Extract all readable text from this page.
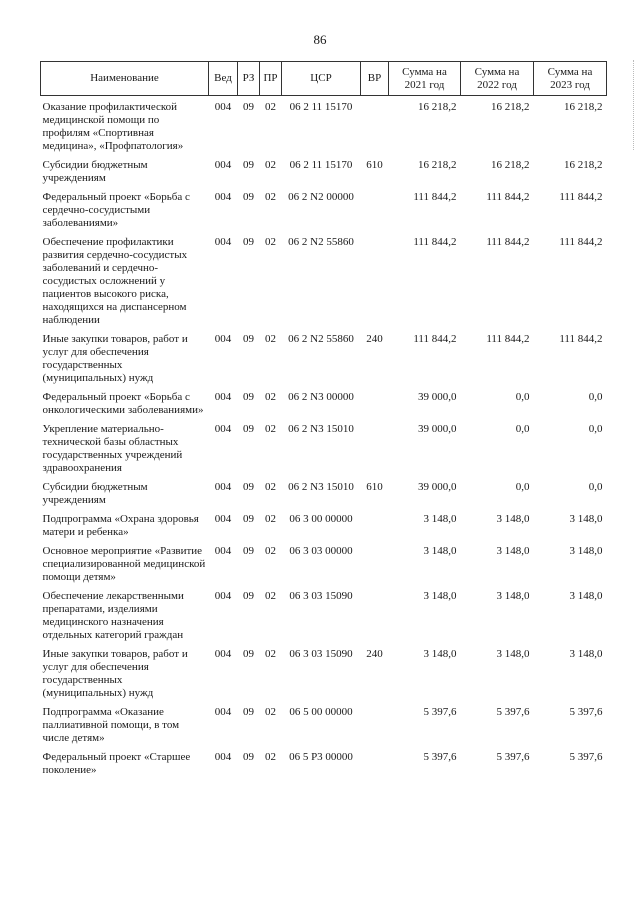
86
Наименование	Вед	РЗ	ПР	ЦСР	ВР	Сумма на 2021 год	Сумма на 2022 год	Сумма на 2023 год
Оказание профилактической медицинской помощи по профилям «Спортивная медицина», «Профпатология»	004	09	02	06 2 11 15170		16 218,2	16 218,2	16 218,2
Субсидии бюджетным учреждениям	004	09	02	06 2 11 15170	610	16 218,2	16 218,2	16 218,2
Федеральный проект «Борьба с сердечно-сосудистыми заболеваниями»	004	09	02	06 2 N2 00000		111 844,2	111 844,2	111 844,2
Обеспечение профилактики развития сердечно-сосудистых заболеваний и сердечно-сосудистых осложнений у пациентов высокого риска, находящихся на диспансерном наблюдении	004	09	02	06 2 N2 55860		111 844,2	111 844,2	111 844,2
Иные закупки товаров, работ и услуг для обеспечения государственных (муниципальных) нужд	004	09	02	06 2 N2 55860	240	111 844,2	111 844,2	111 844,2
Федеральный проект «Борьба с онкологическими заболеваниями»	004	09	02	06 2 N3 00000		39 000,0	0,0	0,0
Укрепление материально-технической базы областных государственных учреждений здравоохранения	004	09	02	06 2 N3 15010		39 000,0	0,0	0,0
Субсидии бюджетным учреждениям	004	09	02	06 2 N3 15010	610	39 000,0	0,0	0,0
Подпрограмма «Охрана здоровья матери и ребенка»	004	09	02	06 3 00 00000		3 148,0	3 148,0	3 148,0
Основное мероприятие «Развитие специализированной медицинской помощи детям»	004	09	02	06 3 03 00000		3 148,0	3 148,0	3 148,0
Обеспечение лекарственными препаратами, изделиями медицинского назначения отдельных категорий граждан	004	09	02	06 3 03 15090		3 148,0	3 148,0	3 148,0
Иные закупки товаров, работ и услуг для обеспечения государственных (муниципальных) нужд	004	09	02	06 3 03 15090	240	3 148,0	3 148,0	3 148,0
Подпрограмма «Оказание паллиативной помощи, в том числе детям»	004	09	02	06 5 00 00000		5 397,6	5 397,6	5 397,6
Федеральный проект «Старшее поколение»	004	09	02	06 5 P3 00000		5 397,6	5 397,6	5 397,6
